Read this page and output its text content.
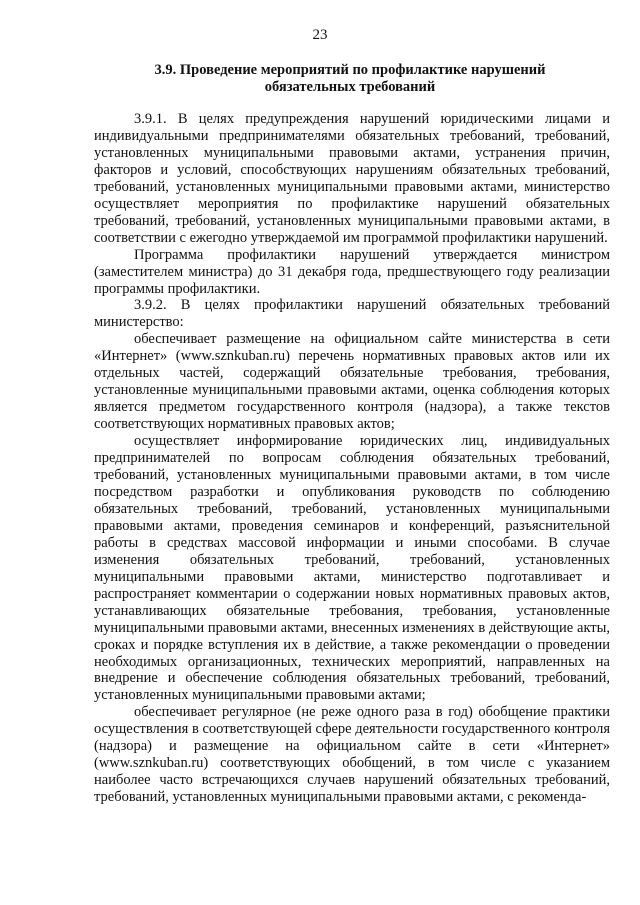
23
3.9. Проведение мероприятий по профилактике нарушений
обязательных требований

3.9.1. В целях предупреждения нарушений юридическими лицами и индивидуальными предпринимателями обязательных требований, требований, установленных муниципальными правовыми актами, устранения причин, факторов и условий, способствующих нарушениям обязательных требований, требований, установленных муниципальными правовыми актами, министерство осуществляет мероприятия по профилактике нарушений обязательных требований, требований, установленных муниципальными правовыми актами, в соответствии с ежегодно утверждаемой им программой профилактики нарушений.

Программа профилактики нарушений утверждается министром (заместителем министра) до 31 декабря года, предшествующего году реализации программы профилактики.

3.9.2. В целях профилактики нарушений обязательных требований министерство:

обеспечивает размещение на официальном сайте министерства в сети «Интернет» (www.sznkuban.ru) перечень нормативных правовых актов или их отдельных частей, содержащий обязательные требования, требования, установленные муниципальными правовыми актами, оценка соблюдения которых является предметом государственного контроля (надзора), а также текстов соответствующих нормативных правовых актов;

осуществляет информирование юридических лиц, индивидуальных предпринимателей по вопросам соблюдения обязательных требований, требований, установленных муниципальными правовыми актами, в том числе посредством разработки и опубликования руководств по соблюдению обязательных требований, требований, установленных муниципальными правовыми актами, проведения семинаров и конференций, разъяснительной работы в средствах массовой информации и иными способами. В случае изменения обязательных требований, требований, установленных муниципальными правовыми актами, министерство подготавливает и распространяет комментарии о содержании новых нормативных правовых актов, устанавливающих обязательные требования, требования, установленные муниципальными правовыми актами, внесенных изменениях в действующие акты, сроках и порядке вступления их в действие, а также рекомендации о проведении необходимых организационных, технических мероприятий, направленных на внедрение и обеспечение соблюдения обязательных требований, требований, установленных муниципальными правовыми актами;

обеспечивает регулярное (не реже одного раза в год) обобщение практики осуществления в соответствующей сфере деятельности государственного контроля (надзора) и размещение на официальном сайте в сети «Интернет» (www.sznkuban.ru) соответствующих обобщений, в том числе с указанием наиболее часто встречающихся случаев нарушений обязательных требований, требований, установленных муниципальными правовыми актами, с рекоменда-
